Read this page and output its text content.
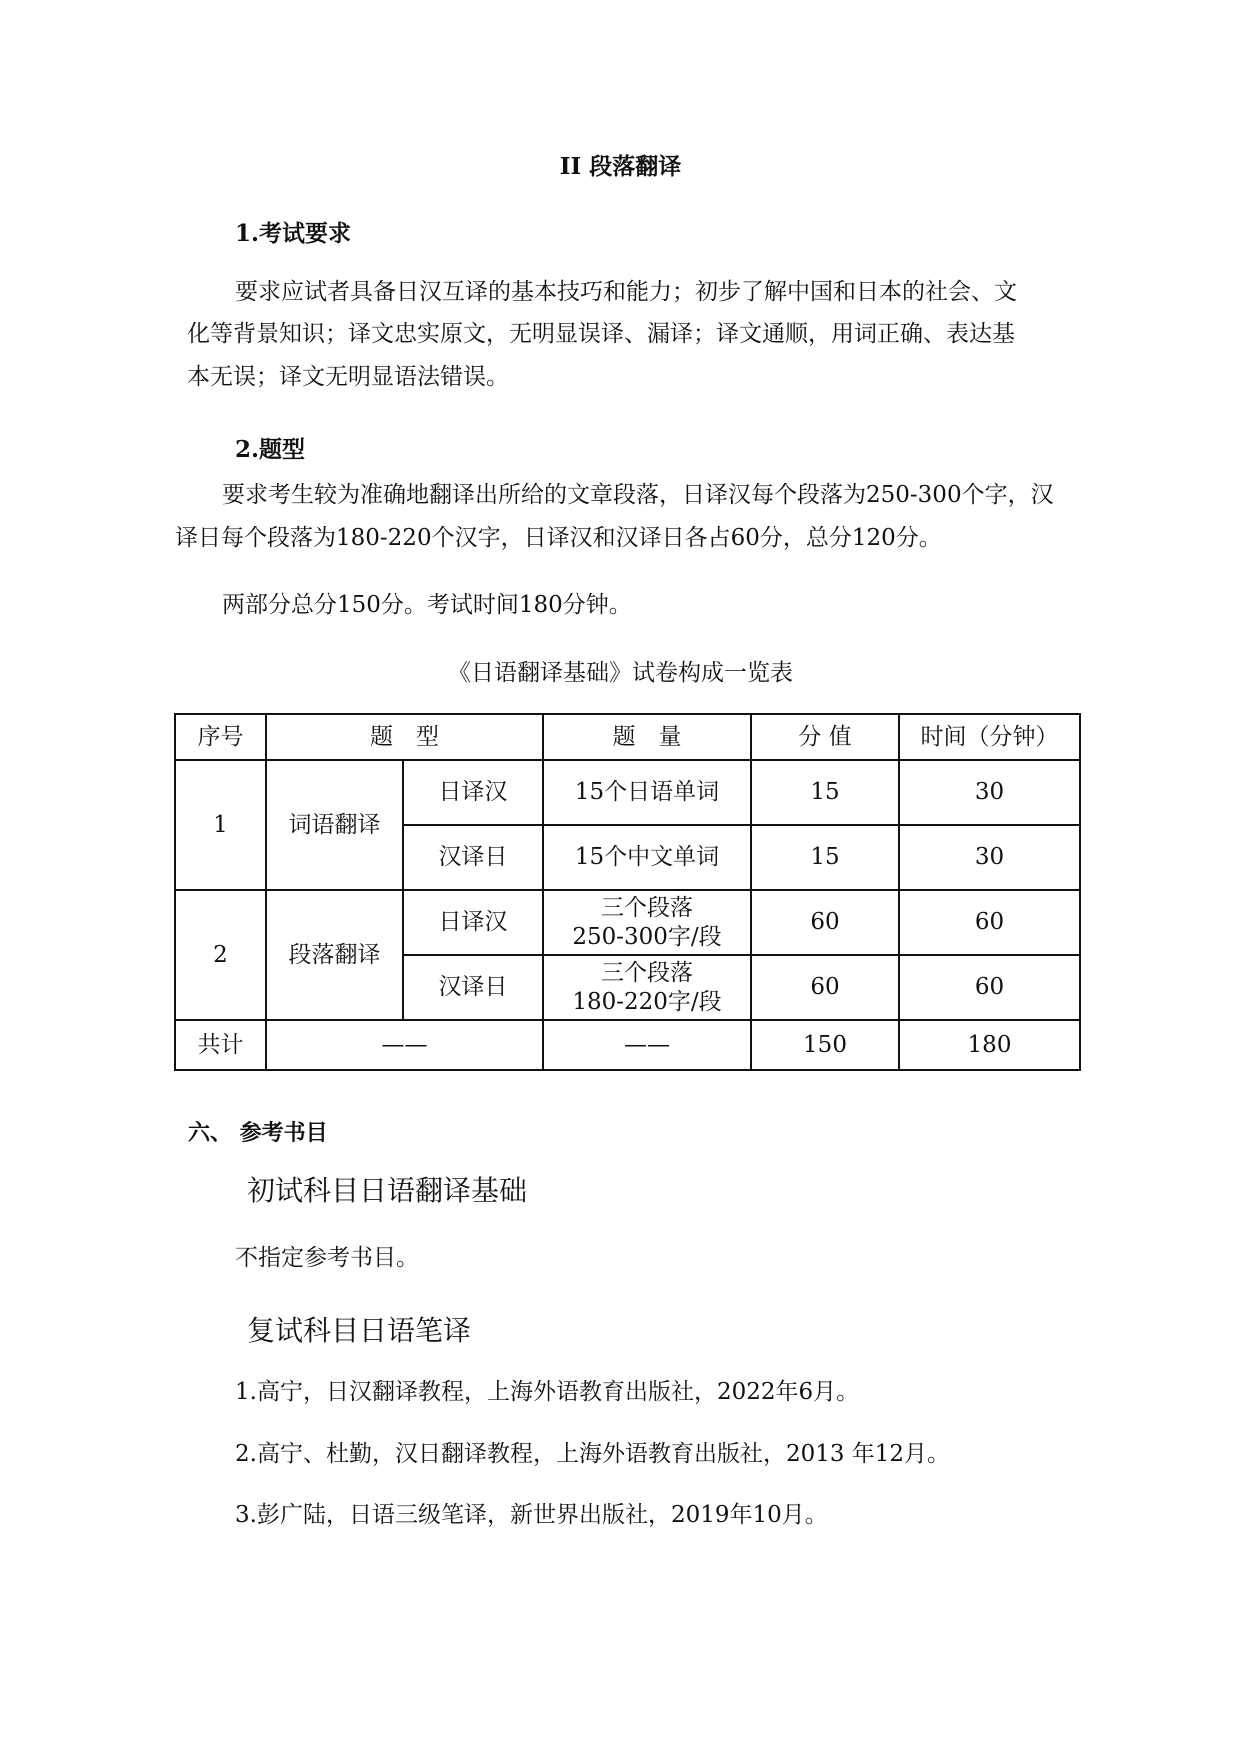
II 段落翻译
1.考试要求
要求应试者具备日汉互译的基本技巧和能力；初步了解中国和日本的社会、文
化等背景知识；译文忠实原文，无明显误译、漏译；译文通顺，用词正确、表达基
本无误；译文无明显语法错误。
2.题型
要求考生较为准确地翻译出所给的文章段落，日译汉每个段落为250-300个字，汉
译日每个段落为180-220个汉字，日译汉和汉译日各占60分，总分120分。
两部分总分150分。考试时间180分钟。
《日语翻译基础》试卷构成一览表
序号	题　型		题　量	分 值	时间（分钟）
1	词语翻译	日译汉	15个日语单词	15	30
		汉译日	15个中文单词	15	30
2	段落翻译	日译汉	三个段落
250-300字/段	60	60
		汉译日	三个段落
180-220字/段	60	60
共计	——		——	150	180
六、 参考书目
初试科目日语翻译基础
不指定参考书目。
复试科目日语笔译
1.高宁，日汉翻译教程，上海外语教育出版社，2022年6月。
2.高宁、杜勤，汉日翻译教程，上海外语教育出版社，2013 年12月。
3.彭广陆，日语三级笔译，新世界出版社，2019年10月。
